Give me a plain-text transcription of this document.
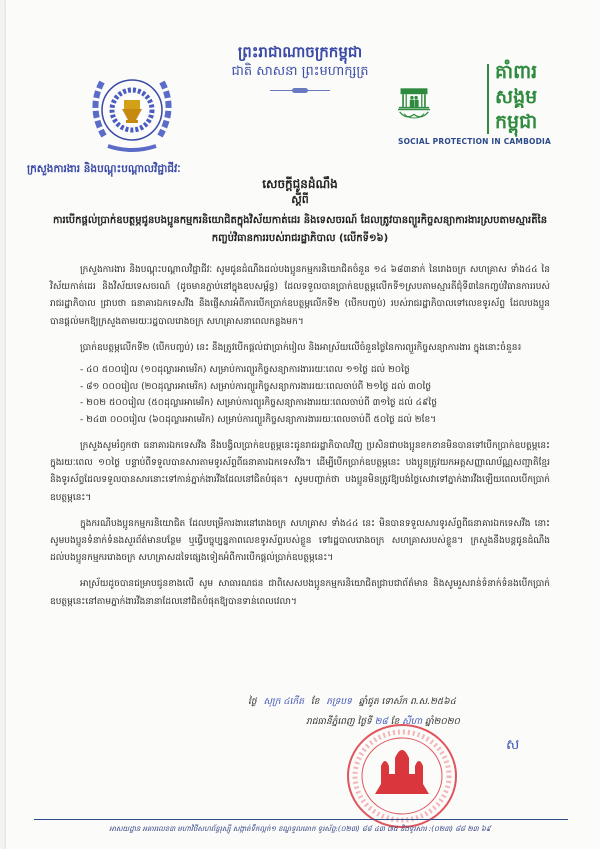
ព្រះរាជាណាចក្រកម្ពុជា
ជាតិ សាសនា ព្រះមហាក្សត្រ	គាំពារ
សង្គម
កម្ពុជា
SOCIAL PROTECTION IN CAMBODIA
ក្រសួងការងារ និងបណ្តុះបណ្តាលវិជ្ជាជីវៈ
សេចក្តីជូនដំណឹង
ស្តីពី
ការបើកផ្តល់ប្រាក់ឧបត្ថម្ភជូនបងប្អូនកម្មករនិយោជិតក្នុងវិស័យកាត់ដេរ និងទេសចរណ៍ ដែលត្រូវបានព្យួរកិច្ចសន្យាការងារស្របតាមស្មារតីនៃកញ្ចប់វិធានការរបស់រាជរដ្ឋាភិបាល (លើកទី១៦)

ក្រសួងការងារ និងបណ្តុះបណ្តាលវិជ្ជាជីវៈ សូមជូនដំណឹងដល់បងប្អូនកម្មករនិយោជិតចំនួន ១៤ ៦៨៣នាក់ នៃរោងចក្រ សហគ្រាស ទាំង៤៤ នៃវិស័យកាត់ដេរ និងវិស័យទេសចរណ៍ (ដូចមានភ្ជាប់នៅក្នុងឧបសម្ព័ន្ធ) ដែលទទួលបានប្រាក់ឧបត្ថម្ភលើកទី១ស្របតាមស្មារតីជុំទី៣នៃកញ្ចប់វិធានការរបស់រាជរដ្ឋាភិបាល ជ្រាបថា ធនាគារឯកទេសវីង នឹងផ្ញើសារអំពីការបើកប្រាក់ឧបត្ថម្ភលើកទី២ (បើកបញ្ចប់) របស់រាជរដ្ឋាភិបាលទៅលេខទូរស័ព្ទ ដែលបងប្អូនបានផ្តល់មកឱ្យក្រសួងតាមរយៈរដ្ឋបាលរោងចក្រ សហគ្រាសនាពេលកន្លងមក។

ប្រាក់ឧបត្ថម្ភលើកទី២ (បើកបញ្ចប់) នេះ នឹងត្រូវបើកផ្តល់ជាប្រាក់រៀល និងអាស្រ័យលើចំនួនថ្ងៃនៃការព្យួរកិច្ចសន្យាការងារ ក្នុងនោះចំនួន៖

- ៤០ ៥០០រៀល (១០ដុល្លារអាមេរិក) សម្រាប់ការព្យួរកិច្ចសន្យាការងាររយៈពេល ១១ថ្ងៃ ដល់ ២០ថ្ងៃ
- ៨១ ០០០រៀល (២០ដុល្លារអាមេរិក) សម្រាប់ការព្យួរកិច្ចសន្យាការងាររយៈពេលចាប់ពី ២១ថ្ងៃ ដល់ ៣០ថ្ងៃ
- ២០២ ៥០០រៀល (៥០ដុល្លារអាមេរិក) សម្រាប់ការព្យួរកិច្ចសន្យាការងាររយៈពេលចាប់ពី ៣១ថ្ងៃ ដល់ ៤៩ថ្ងៃ
- ២៤៣ ០០០រៀល (៦០ដុល្លារអាមេរិក) សម្រាប់ការព្យួរកិច្ចសន្យាការងាររយៈពេលចាប់ពី ៥០ថ្ងៃ ដល់ ២ខែ។

ក្រសួងសូមរំឭកថា ធនាគារឯកទេសវីង នឹងបង្វិលប្រាក់ឧបត្ថម្ភនេះជូនរាជរដ្ឋាភិបាលវិញ ប្រសិនជាបងប្អូនខកខានមិនបានទៅបើកប្រាក់ឧបត្ថម្ភនេះ ក្នុងរយៈពេល ១០ថ្ងៃ បន្ទាប់ពីទទួលបានសារតាមទូរស័ព្ទពីធនាគារឯកទេសវីង។ ដើម្បីបើកប្រាក់ឧបត្ថម្ភនេះ បងប្អូនត្រូវយកអត្តសញ្ញាណប័ណ្ណសញ្ជាតិខ្មែរ និងទូរស័ព្ទដែលទទួលបានសារនោះទៅកាន់ភ្នាក់ងារវីងដែលនៅជិតបំផុត។ សូមបញ្ជាក់ថា បងប្អូនមិនត្រូវឱ្យបង់ថ្លៃសេវាទៅភ្នាក់ងារវីងឡើយពេលបើកប្រាក់ឧបត្ថម្ភនេះ។

ក្នុងករណីបងប្អូនកម្មករនិយោជិត ដែលបម្រើការងារនៅរោងចក្រ សហគ្រាស ទាំង៤៤ នេះ មិនបានទទួលសារទូរស័ព្ទពីធនាគារឯកទេសវីង នោះសូមបងប្អូនទំនាក់ទំនងសួរព័ត៌មានបន្ថែម ឬធ្វើបច្ចុប្បន្នភាពលេខទូរស័ព្ទរបស់ខ្លួន ទៅរដ្ឋបាលរោងចក្រ សហគ្រាសរបស់ខ្លួន។ ក្រសួងនឹងបន្តជូនដំណឹងដល់បងប្អូនកម្មកររោងចក្រ សហគ្រាសដទៃផ្សេងទៀតអំពីការបើកផ្តល់ប្រាក់ឧបត្ថម្ភនេះ។

អាស្រ័យដូចបានជម្រាបជូនខាងលើ សូម សាធារណជន ជាពិសេសបងប្អូនកម្មករនិយោជិតជ្រាបជាព័ត៌មាន និងសូមរួសរាន់ទំនាក់ទំនងបើកប្រាក់ឧបត្ថម្ភនេះនៅតាមភ្នាក់ងារវីងនានាដែលនៅជិតបំផុតឱ្យបានទាន់ពេលវេលា។

ថ្ងៃ សុក្រ ៤កើត ខែ ភទ្របទ ឆ្នាំជូត ទោស័ក ព.ស.២៥៦៤
រាជធានីភ្នំពេញ ថ្ងៃទី ២៨ ខែ សីហា ឆ្នាំ២០២០
ស
អាសយដ្ឋាន អគារលេខ៣ មហាវិថីសហព័ន្ធរុស្ស៊ី សង្កាត់ទឹកល្អក់១ ខណ្ឌទួលគោក ទូរស័ព្ទ:(០២៣) ៨៨ ៤៣ ៧៥ និងទូរសារ :(០២៣) ៨៨ ២៣ ៦៩
